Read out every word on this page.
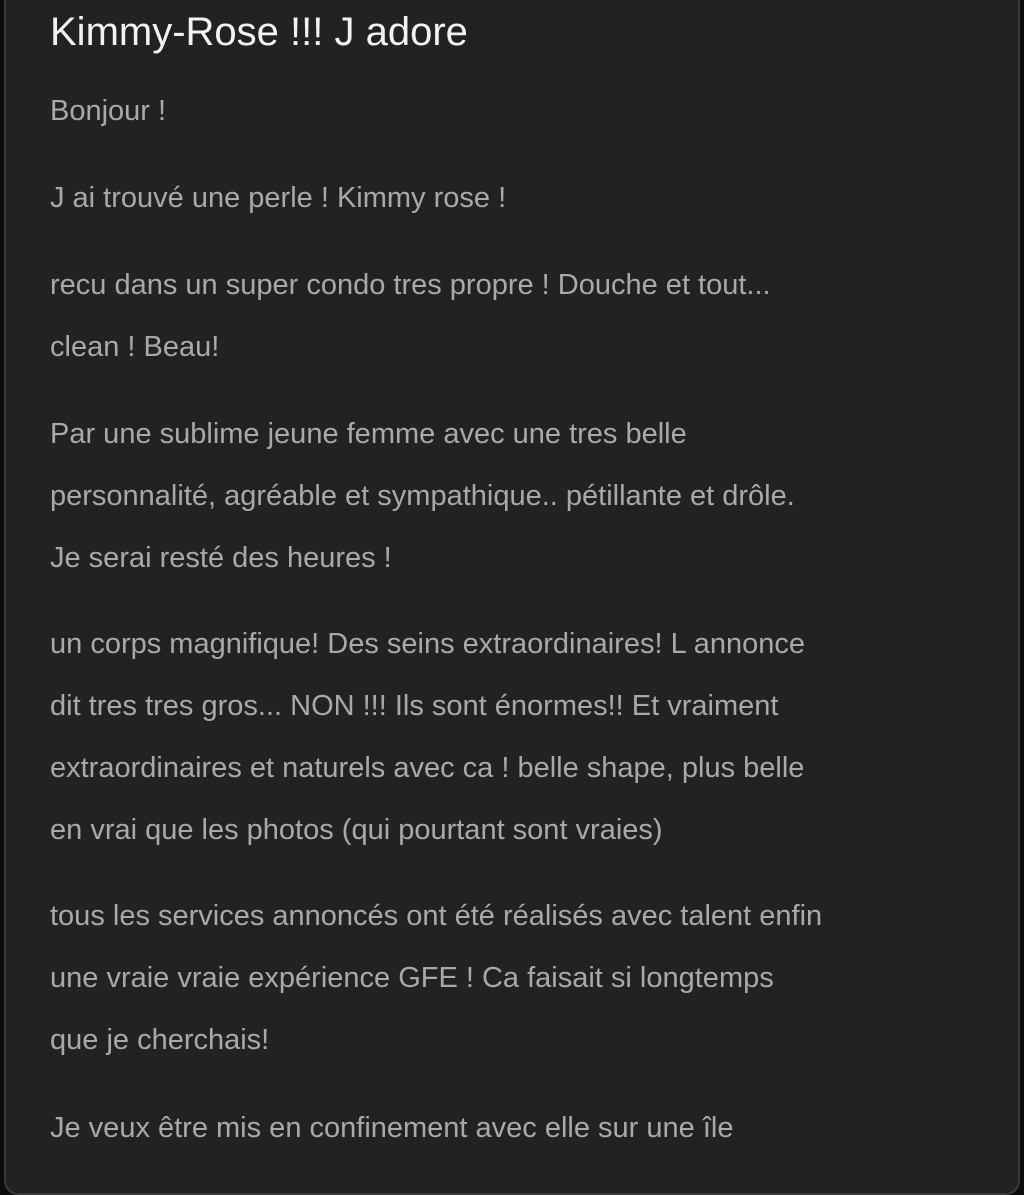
Kimmy-Rose !!! J adore
Bonjour !
J ai trouvé une perle ! Kimmy rose !
recu dans un super condo tres propre ! Douche et tout...
clean ! Beau!
Par une sublime jeune femme avec une tres belle
personnalité, agréable et sympathique.. pétillante et drôle.
Je serai resté des heures !
un corps magnifique! Des seins extraordinaires! L annonce
dit tres tres gros... NON !!! Ils sont énormes!! Et vraiment
extraordinaires et naturels avec ca ! belle shape, plus belle
en vrai que les photos (qui pourtant sont vraies)
tous les services annoncés ont été réalisés avec talent enfin
une vraie vraie expérience GFE ! Ca faisait si longtemps
que je cherchais!
Je veux être mis en confinement avec elle sur une île
